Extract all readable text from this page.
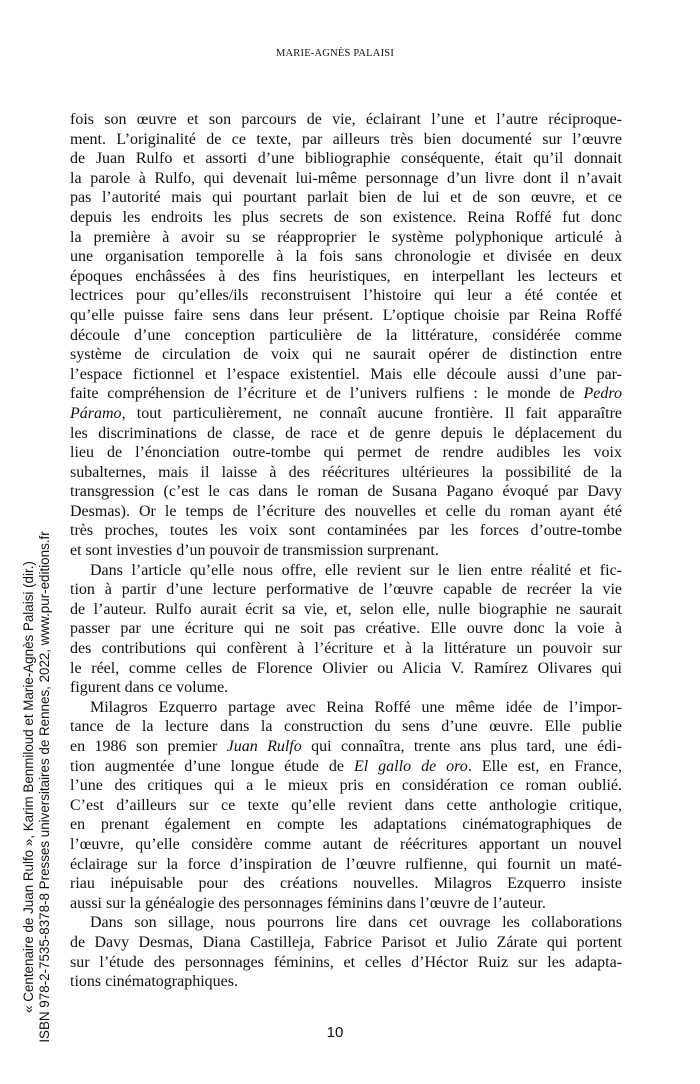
MARIE-AGNÈS PALAISI
fois son œuvre et son parcours de vie, éclairant l’une et l’autre réciproque-
ment. L’originalité de ce texte, par ailleurs très bien documenté sur l’œuvre
de Juan Rulfo et assorti d’une bibliographie conséquente, était qu’il donnait
la parole à Rulfo, qui devenait lui-même personnage d’un livre dont il n’avait
pas l’autorité mais qui pourtant parlait bien de lui et de son œuvre, et ce
depuis les endroits les plus secrets de son existence. Reina Roffé fut donc
la première à avoir su se réapproprier le système polyphonique articulé à
une organisation temporelle à la fois sans chronologie et divisée en deux
époques enchâssées à des fins heuristiques, en interpellant les lecteurs et
lectrices pour qu’elles/ils reconstruisent l’histoire qui leur a été contée et
qu’elle puisse faire sens dans leur présent. L’optique choisie par Reina Roffé
découle d’une conception particulière de la littérature, considérée comme
système de circulation de voix qui ne saurait opérer de distinction entre
l’espace fictionnel et l’espace existentiel. Mais elle découle aussi d’une par-
faite compréhension de l’écriture et de l’univers rulfiens : le monde de Pedro
Páramo, tout particulièrement, ne connaît aucune frontière. Il fait apparaître
les discriminations de classe, de race et de genre depuis le déplacement du
lieu de l’énonciation outre-tombe qui permet de rendre audibles les voix
subalternes, mais il laisse à des réécritures ultérieures la possibilité de la
transgression (c’est le cas dans le roman de Susana Pagano évoqué par Davy
Desmas). Or le temps de l’écriture des nouvelles et celle du roman ayant été
très proches, toutes les voix sont contaminées par les forces d’outre-tombe
et sont investies d’un pouvoir de transmission surprenant.
Dans l’article qu’elle nous offre, elle revient sur le lien entre réalité et fic-
tion à partir d’une lecture performative de l’œuvre capable de recréer la vie
de l’auteur. Rulfo aurait écrit sa vie, et, selon elle, nulle biographie ne saurait
passer par une écriture qui ne soit pas créative. Elle ouvre donc la voie à
des contributions qui confèrent à l’écriture et à la littérature un pouvoir sur
le réel, comme celles de Florence Olivier ou Alicia V. Ramírez Olivares qui
figurent dans ce volume.
Milagros Ezquerro partage avec Reina Roffé une même idée de l’impor-
tance de la lecture dans la construction du sens d’une œuvre. Elle publie
en 1986 son premier Juan Rulfo qui connaîtra, trente ans plus tard, une édi-
tion augmentée d’une longue étude de El gallo de oro. Elle est, en France,
l’une des critiques qui a le mieux pris en considération ce roman oublié.
C’est d’ailleurs sur ce texte qu’elle revient dans cette anthologie critique,
en prenant également en compte les adaptations cinématographiques de
l’œuvre, qu’elle considère comme autant de réécritures apportant un nouvel
éclairage sur la force d’inspiration de l’œuvre rulfienne, qui fournit un maté-
riau inépuisable pour des créations nouvelles. Milagros Ezquerro insiste
aussi sur la généalogie des personnages féminins dans l’œuvre de l’auteur.
Dans son sillage, nous pourrons lire dans cet ouvrage les collaborations
de Davy Desmas, Diana Castilleja, Fabrice Parisot et Julio Zárate qui portent
sur l’étude des personnages féminins, et celles d’Héctor Ruiz sur les adapta-
tions cinématographiques.
10
« Centenaire de Juan Rulfo », Karim Benmiloud et Marie-Agnès Palaisi (dir.) ISBN 978-2-7535-8378-8 Presses universitaires de Rennes, 2022, www.pur-editions.fr
